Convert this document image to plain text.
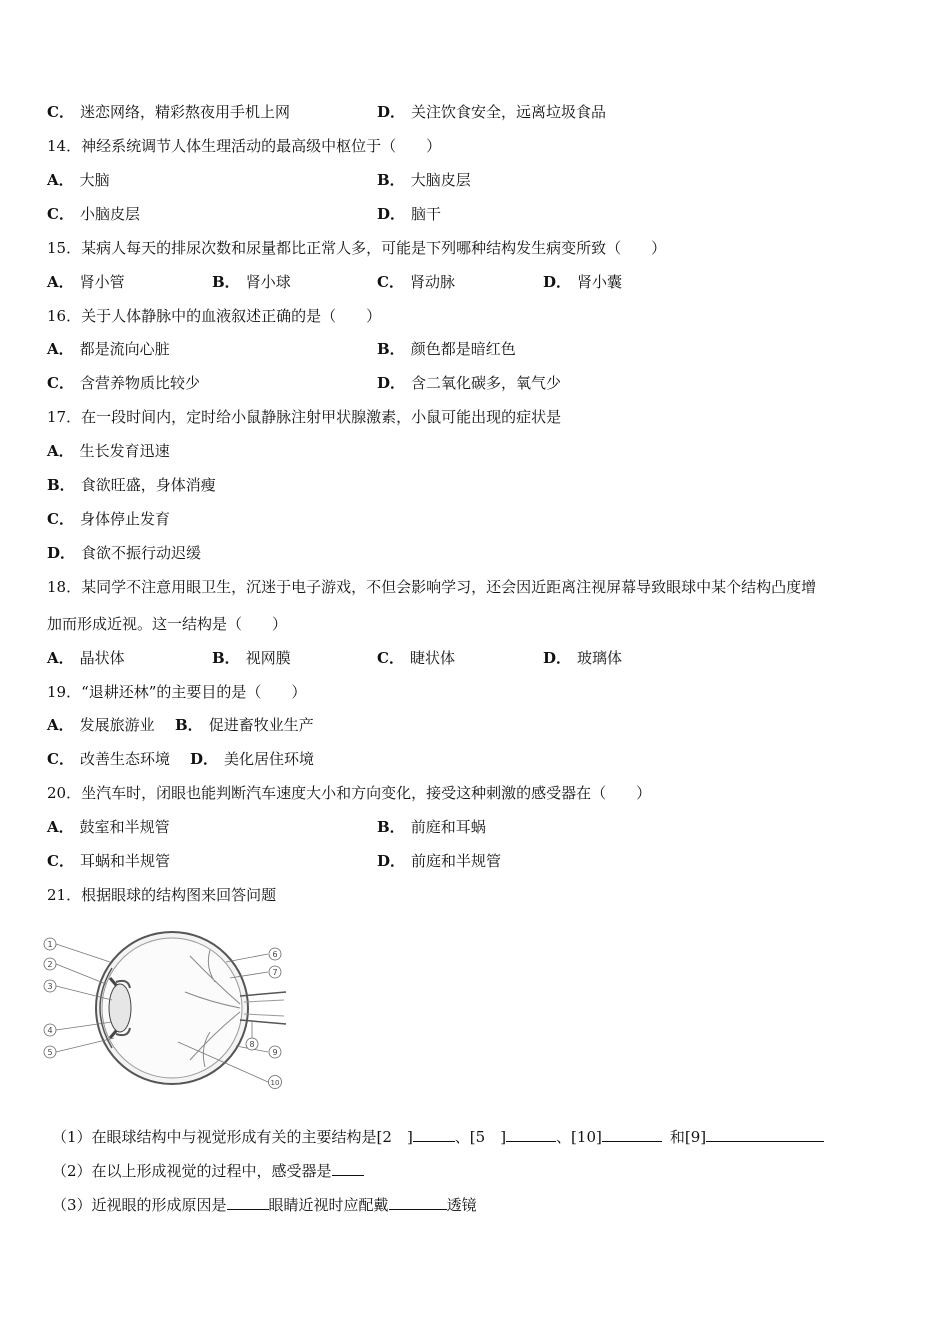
C． 迷恋网络，精彩熬夜用手机上网	D． 关注饮食安全，远离垃圾食品
14．神经系统调节人体生理活动的最高级中枢位于（　　）
A． 大脑	B． 大脑皮层
C． 小脑皮层	D． 脑干
15．某病人每天的排尿次数和尿量都比正常人多，可能是下列哪种结构发生病变所致（　　）
A． 肾小管	B． 肾小球	C． 肾动脉	D． 肾小囊
16．关于人体静脉中的血液叙述正确的是（　　）
A． 都是流向心脏	B． 颜色都是暗红色
C． 含营养物质比较少	D． 含二氧化碳多，氧气少
17．在一段时间内，定时给小鼠静脉注射甲状腺激素，小鼠可能出现的症状是
A． 生长发育迅速
B． 食欲旺盛，身体消瘦
C． 身体停止发育
D． 食欲不振行动迟缓
18．某同学不注意用眼卫生，沉迷于电子游戏，不但会影响学习，还会因近距离注视屏幕导致眼球中某个结构凸度增
加而形成近视。这一结构是（　　）
A． 晶状体	B． 视网膜	C． 睫状体	D． 玻璃体
19．“退耕还林”的主要目的是（　　）
A． 发展旅游业 B． 促进畜牧业生产
C． 改善生态环境 D． 美化居住环境
20．坐汽车时，闭眼也能判断汽车速度大小和方向变化，接受这种刺激的感受器在（　　）
A． 鼓室和半规管	B． 前庭和耳蜗
C． 耳蜗和半规管	D． 前庭和半规管
21．根据眼球的结构图来回答问题
1
2
3
4
5
6
7
8
9
10
（1）在眼球结构中与视觉形成有关的主要结构是[2　]	、[5　]	、[10]	和[9]
（2）在以上形成视觉的过程中，感受器是
（3）近视眼的形成原因是	眼睛近视时应配戴	透镜
